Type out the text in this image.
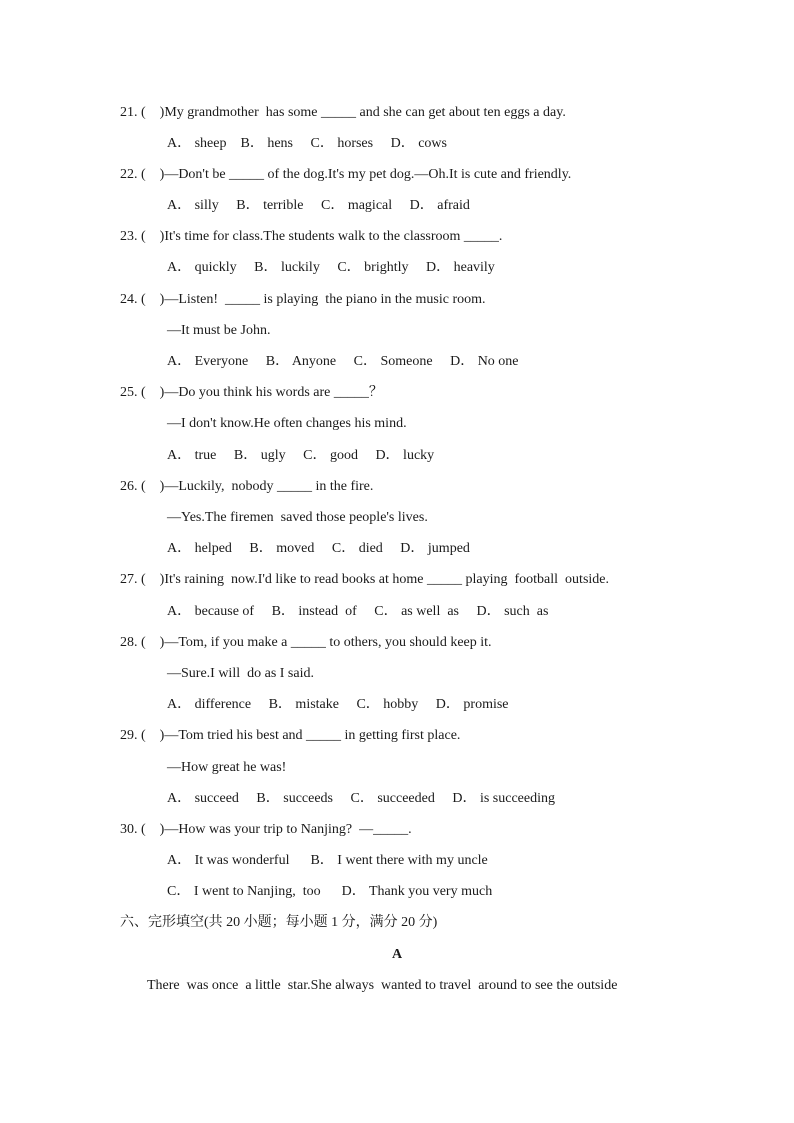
21. (    )My grandmother  has some _____ and she can get about ten eggs a day.
A． sheep    B． hens     C． horses     D． cows
22. (    )—Don't be _____ of the dog.It's my pet dog.—Oh.It is cute and friendly.
A． silly     B． terrible     C． magical     D． afraid
23. (    )It's time for class.The students walk to the classroom _____.
A． quickly     B． luckily     C． brightly     D． heavily
24. (    )—Listen!  _____ is playing  the piano in the music room.
—It must be John.
A． Everyone     B． Anyone     C． Someone     D． No one
25. (    )—Do you think his words are _____？
—I don't know.He often changes his mind.
A． true     B． ugly     C． good     D． lucky
26. (    )—Luckily,  nobody _____ in the fire.
—Yes.The firemen  saved those people's lives.
A． helped     B． moved     C． died     D． jumped
27. (    )It's raining  now.I'd like to read books at home _____ playing  football  outside.
A． because of     B． instead  of     C． as well  as     D． such  as
28. (    )—Tom, if you make a _____ to others, you should keep it.
—Sure.I will  do as I said.
A． difference     B． mistake     C． hobby     D． promise
29. (    )—Tom tried his best and _____ in getting first place.
—How great he was!
A． succeed     B． succeeds     C． succeeded     D． is succeeding
30. (    )—How was your trip to Nanjing?  —_____.
A． It was wonderful      B． I went there with my uncle
C． I went to Nanjing,  too      D． Thank you very much
六、完形填空(共 20 小题；每小题 1 分，满分 20 分)
A
There  was once  a little  star.She always  wanted to travel  around to see the outside
